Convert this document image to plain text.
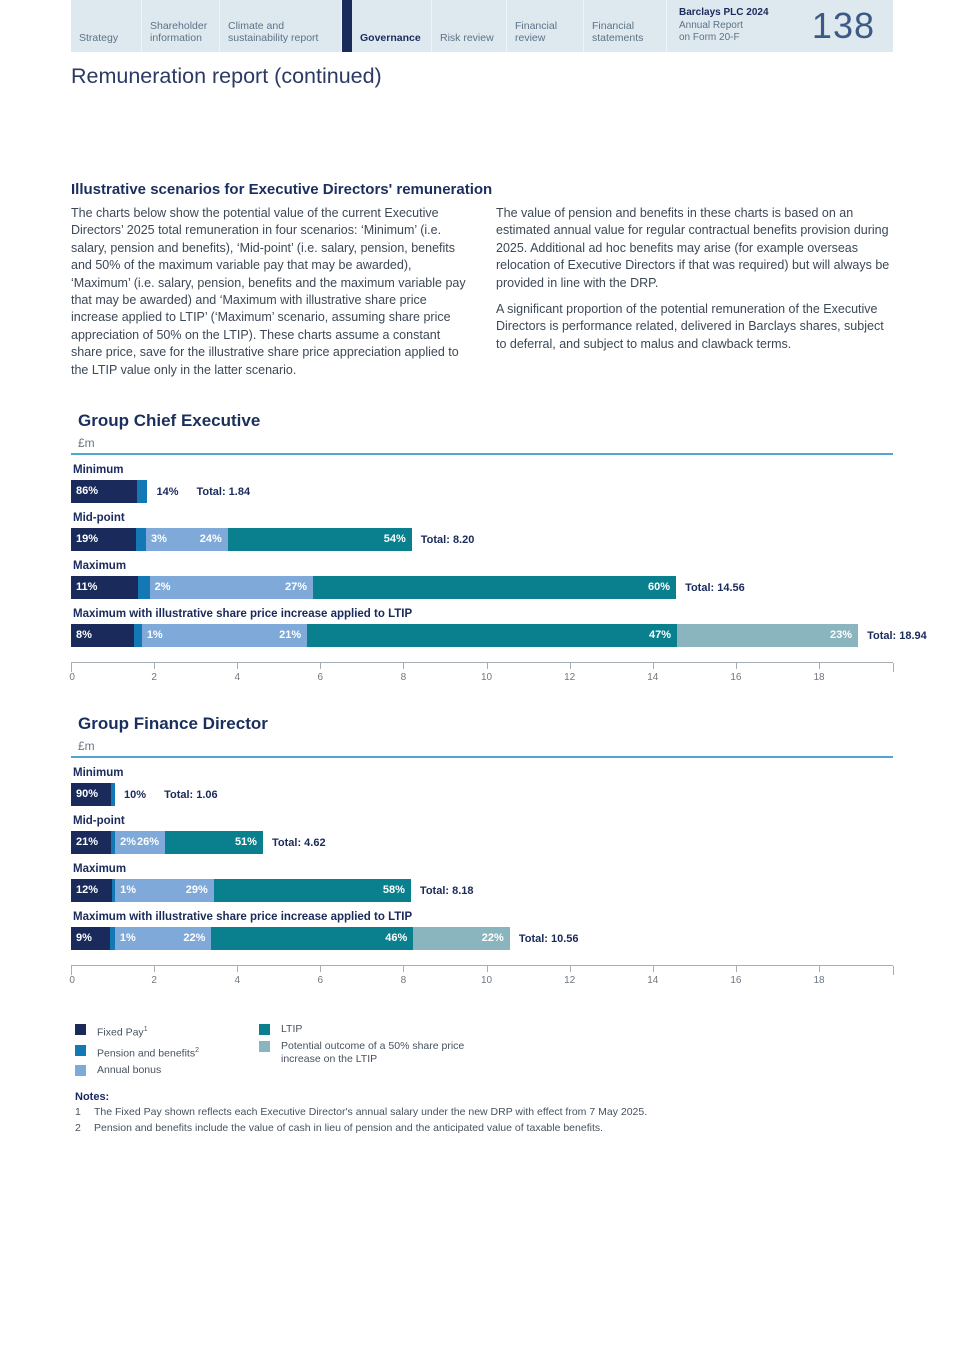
Strategy
Shareholder information
Climate and sustainability report	Governance	Risk review
Financial review
Financial statements
Barclays PLC 2024
Annual Report
on Form 20-F	138
Remuneration report (continued)
Illustrative scenarios for Executive Directors' remuneration

The charts below show the potential value of the current Executive Directors’ 2025 total remuneration in four scenarios: ‘Minimum’ (i.e. salary, pension and benefits), ‘Mid-point’ (i.e. salary, pension, benefits and 50% of the maximum variable pay that may be awarded), ‘Maximum’ (i.e. salary, pension, benefits and the maximum variable pay that may be awarded) and ‘Maximum with illustrative share price increase applied to LTIP’ (‘Maximum’ scenario, assuming share price appreciation of 50% on the LTIP). These charts assume a constant share price, save for the illustrative share price appreciation applied to the LTIP value only in the latter scenario.

The value of pension and benefits in these charts is based on an estimated annual value for regular contractual benefits provision during 2025. Additional ad hoc benefits may arise (for example overseas relocation of Executive Directors if that was required) but will always be provided in line with the DRP.

A significant proportion of the potential remuneration of the Executive Directors is performance related, delivered in Barclays shares, subject to deferral, and subject to malus and clawback terms.

Group Chief Executive
£m
Minimum
86%	14% Total: 1.84
Mid-point
19%	3%	24%	54% Total: 8.20
Maximum
11%	2%	27%	60% Total: 14.56
Maximum with illustrative share price increase applied to LTIP
8%	1%	21%	47%	23% Total: 18.94
0	2	4	6	8	10	12	14	16	18
Group Finance Director
£m
Minimum
90% 10% Total: 1.06
Mid-point
21% 2% 26%	51% Total: 4.62
Maximum
12% 1%	29%	58% Total: 8.18
Maximum with illustrative share price increase applied to LTIP
9%	1%	22%	46%	22% Total: 10.56
0	2	4	6	8	10	12	14	16	18
Fixed Pay$^1$
Pension and benefits$^2$
Annual bonus
LTIP
Potential outcome of a 50% share price increase on the LTIP
Notes:
1	The Fixed Pay shown reflects each Executive Director's annual salary under the new DRP with effect from 7 May 2025.
2	Pension and benefits include the value of cash in lieu of pension and the anticipated value of taxable benefits.
